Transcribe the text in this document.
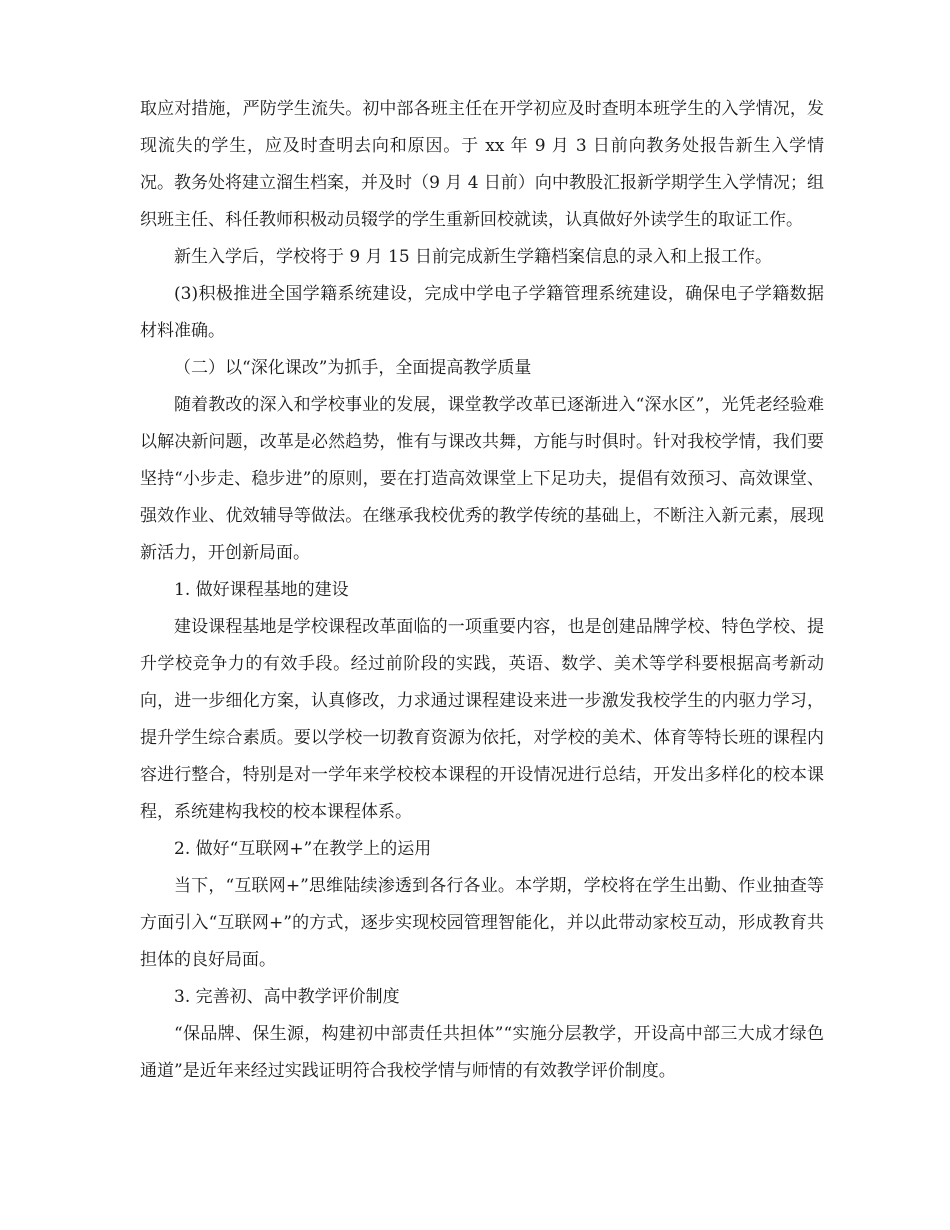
取应对措施，严防学生流失。初中部各班主任在开学初应及时查明本班学生的入学情况，发现流失的学生，应及时查明去向和原因。于 xx 年 9 月 3 日前向教务处报告新生入学情况。教务处将建立溜生档案，并及时（9 月 4 日前）向中教股汇报新学期学生入学情况；组织班主任、科任教师积极动员辍学的学生重新回校就读，认真做好外读学生的取证工作。

新生入学后，学校将于 9 月 15 日前完成新生学籍档案信息的录入和上报工作。

(3)积极推进全国学籍系统建设，完成中学电子学籍管理系统建设，确保电子学籍数据材料准确。

（二）以“深化课改”为抓手，全面提高教学质量

随着教改的深入和学校事业的发展，课堂教学改革已逐渐进入“深水区”，光凭老经验难以解决新问题，改革是必然趋势，惟有与课改共舞，方能与时俱时。针对我校学情，我们要坚持“小步走、稳步进”的原则，要在打造高效课堂上下足功夫，提倡有效预习、高效课堂、强效作业、优效辅导等做法。在继承我校优秀的教学传统的基础上，不断注入新元素，展现新活力，开创新局面。

1. 做好课程基地的建设

建设课程基地是学校课程改革面临的一项重要内容，也是创建品牌学校、特色学校、提升学校竞争力的有效手段。经过前阶段的实践，英语、数学、美术等学科要根据高考新动向，进一步细化方案，认真修改，力求通过课程建设来进一步激发我校学生的内驱力学习，提升学生综合素质。要以学校一切教育资源为依托，对学校的美术、体育等特长班的课程内容进行整合，特别是对一学年来学校校本课程的开设情况进行总结，开发出多样化的校本课程，系统建构我校的校本课程体系。

2. 做好“互联网+”在教学上的运用

当下，“互联网+”思维陆续渗透到各行各业。本学期，学校将在学生出勤、作业抽查等方面引入“互联网+”的方式，逐步实现校园管理智能化，并以此带动家校互动，形成教育共担体的良好局面。

3. 完善初、高中教学评价制度

“保品牌、保生源，构建初中部责任共担体”“实施分层教学，开设高中部三大成才绿色通道”是近年来经过实践证明符合我校学情与师情的有效教学评价制度。
